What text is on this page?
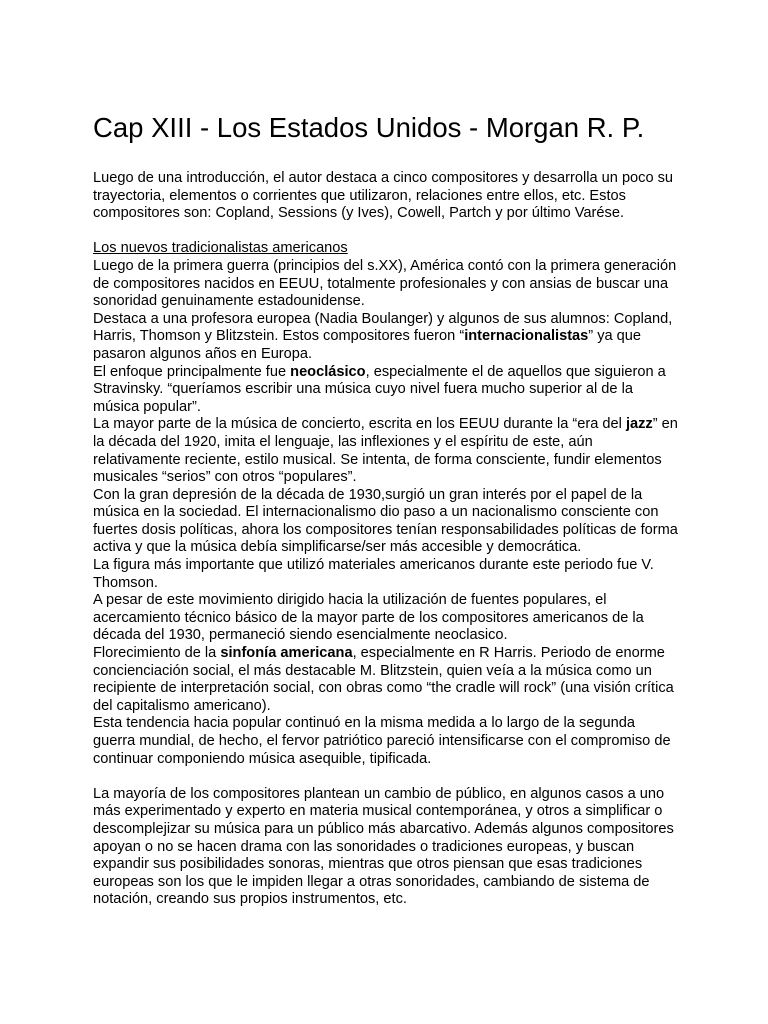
Cap XIII - Los Estados Unidos - Morgan R. P.

Luego de una introducción, el autor destaca a cinco compositores y desarrolla un poco su trayectoria, elementos o corrientes que utilizaron, relaciones entre ellos, etc. Estos compositores son: Copland, Sessions (y Ives), Cowell, Partch y por último Varése.

Los nuevos tradicionalistas americanos

Luego de la primera guerra (principios del s.XX), América contó con la primera generación de compositores nacidos en EEUU, totalmente profesionales y con ansias de buscar una sonoridad genuinamente estadounidense.

Destaca a una profesora europea (Nadia Boulanger) y algunos de sus alumnos: Copland, Harris, Thomson y Blitzstein. Estos compositores fueron “internacionalistas” ya que pasaron algunos años en Europa.

El enfoque principalmente fue neoclásico, especialmente el de aquellos que siguieron a Stravinsky. “queríamos escribir una música cuyo nivel fuera mucho superior al de la música popular”.

La mayor parte de la música de concierto, escrita en los EEUU durante la “era del jazz” en la década del 1920, imita el lenguaje, las inflexiones y el espíritu de este, aún relativamente reciente, estilo musical. Se intenta, de forma consciente, fundir elementos musicales “serios” con otros “populares”.

Con la gran depresión de la década de 1930,surgió un gran interés por el papel de la música en la sociedad. El internacionalismo dio paso a un nacionalismo consciente con fuertes dosis políticas, ahora los compositores tenían responsabilidades políticas de forma activa y que la música debía simplificarse/ser más accesible y democrática.

La figura más importante que utilizó materiales americanos durante este periodo fue V. Thomson.

A pesar de este movimiento dirigido hacia la utilización de fuentes populares, el acercamiento técnico básico de la mayor parte de los compositores americanos de la década del 1930, permaneció siendo esencialmente neoclasico.

Florecimiento de la sinfonía americana, especialmente en R Harris. Periodo de enorme concienciación social, el más destacable M. Blitzstein, quien veía a la música como un recipiente de interpretación social, con obras como “the cradle will rock” (una visión crítica del capitalismo americano).

Esta tendencia hacia popular continuó en la misma medida a lo largo de la segunda guerra mundial, de hecho, el fervor patriótico pareció intensificarse con el compromiso de continuar componiendo música asequible, tipificada.

La mayoría de los compositores plantean un cambio de público, en algunos casos a uno más experimentado y experto en materia musical contemporánea, y otros a simplificar o descomplejizar su música para un público más abarcativo. Además algunos compositores apoyan o no se hacen drama con las sonoridades o tradiciones europeas, y buscan expandir sus posibilidades sonoras, mientras que otros piensan que esas tradiciones europeas son los que le impiden llegar a otras sonoridades, cambiando de sistema de notación, creando sus propios instrumentos, etc.
